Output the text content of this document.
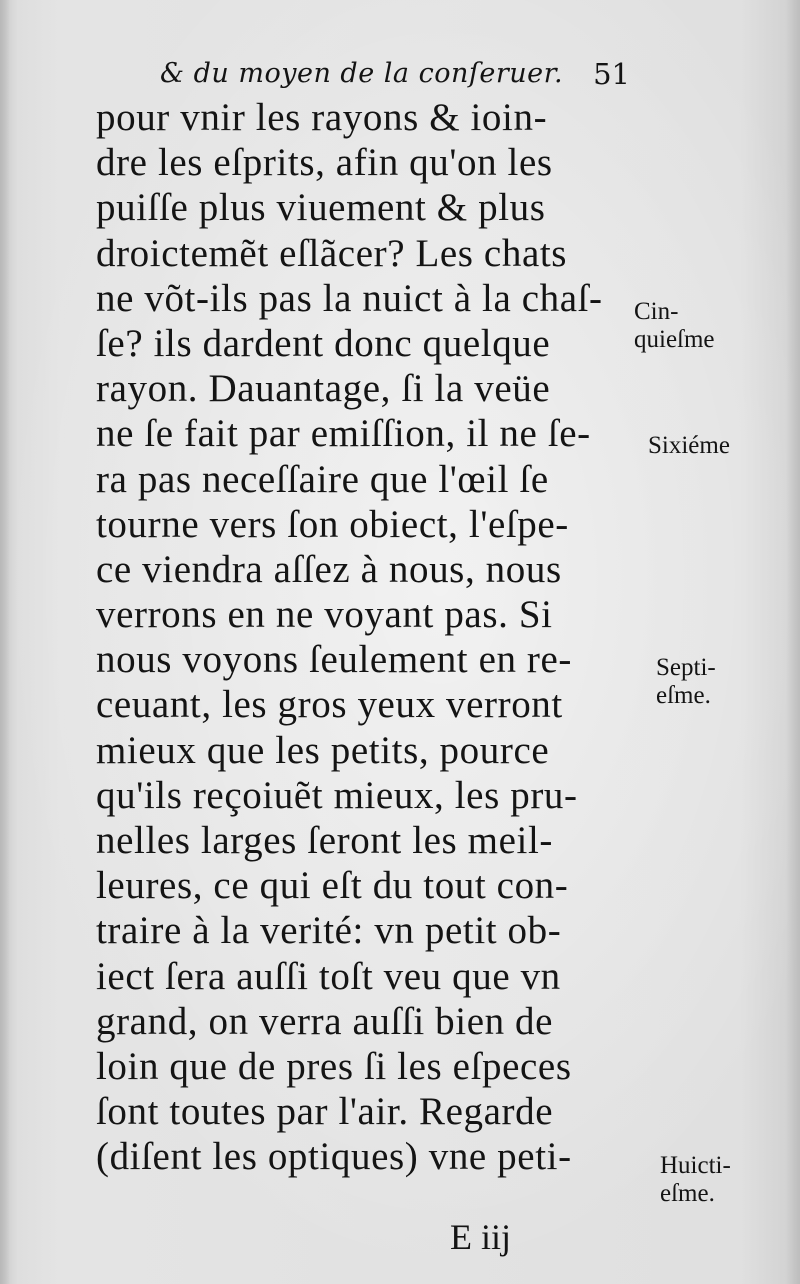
& du moyen de la conſeruer. 51
pour vnir les rayons & ioin-
dre les eſprits, afin qu'on les
puiſſe plus viuement & plus
droictemẽt eſlãcer? Les chats
ne võt-ils pas la nuict à la chaſ-
ſe? ils dardent donc quelque
rayon. Dauantage, ſi la veüe
ne ſe fait par emiſſion, il ne ſe-
ra pas neceſſaire que l'œil ſe
tourne vers ſon obiect, l'eſpe-
ce viendra aſſez à nous, nous
verrons en ne voyant pas. Si
nous voyons ſeulement en re-
ceuant, les gros yeux verront
mieux que les petits, pource
qu'ils reçoiuẽt mieux, les pru-
nelles larges ſeront les meil-
leures, ce qui eſt du tout con-
traire à la verité: vn petit ob-
iect ſera auſſi toſt veu que vn
grand, on verra auſſi bien de
loin que de pres ſi les eſpeces
ſont toutes par l'air. Regarde
(diſent les optiques) vne peti-
Cin-
quieſme
Sixiéme
Septi-
eſme.
Huicti-
eſme.
E iij
